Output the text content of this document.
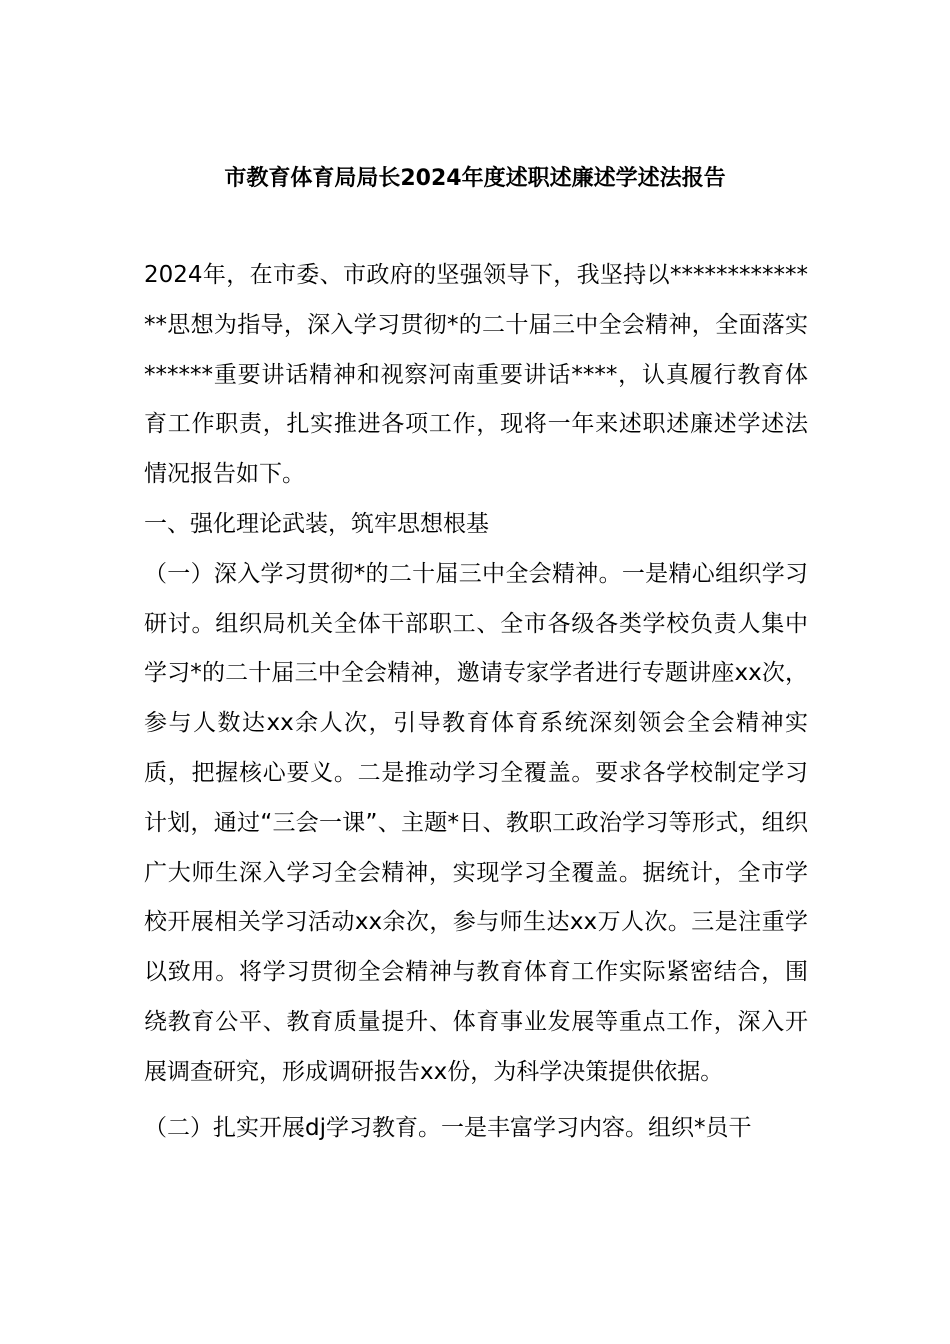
市教育体育局局长2024年度述职述廉述学述法报告

2024年，在市委、市政府的坚强领导下，我坚持以**************思想为指导，深入学习贯彻*的二十届三中全会精神，全面落实******重要讲话精神和视察河南重要讲话****，认真履行教育体育工作职责，扎实推进各项工作，现将一年来述职述廉述学述法情况报告如下。

一、强化理论武装，筑牢思想根基

（一）深入学习贯彻*的二十届三中全会精神。一是精心组织学习研讨。组织局机关全体干部职工、全市各级各类学校负责人集中学习*的二十届三中全会精神，邀请专家学者进行专题讲座xx次，参与人数达xx余人次，引导教育体育系统深刻领会全会精神实质，把握核心要义。二是推动学习全覆盖。要求各学校制定学习计划，通过“三会一课”、主题*日、教职工政治学习等形式，组织广大师生深入学习全会精神，实现学习全覆盖。据统计，全市学校开展相关学习活动xx余次，参与师生达xx万人次。三是注重学以致用。将学习贯彻全会精神与教育体育工作实际紧密结合，围绕教育公平、教育质量提升、体育事业发展等重点工作，深入开展调查研究，形成调研报告xx份，为科学决策提供依据。

（二）扎实开展dj学习教育。一是丰富学习内容。组织*员干
